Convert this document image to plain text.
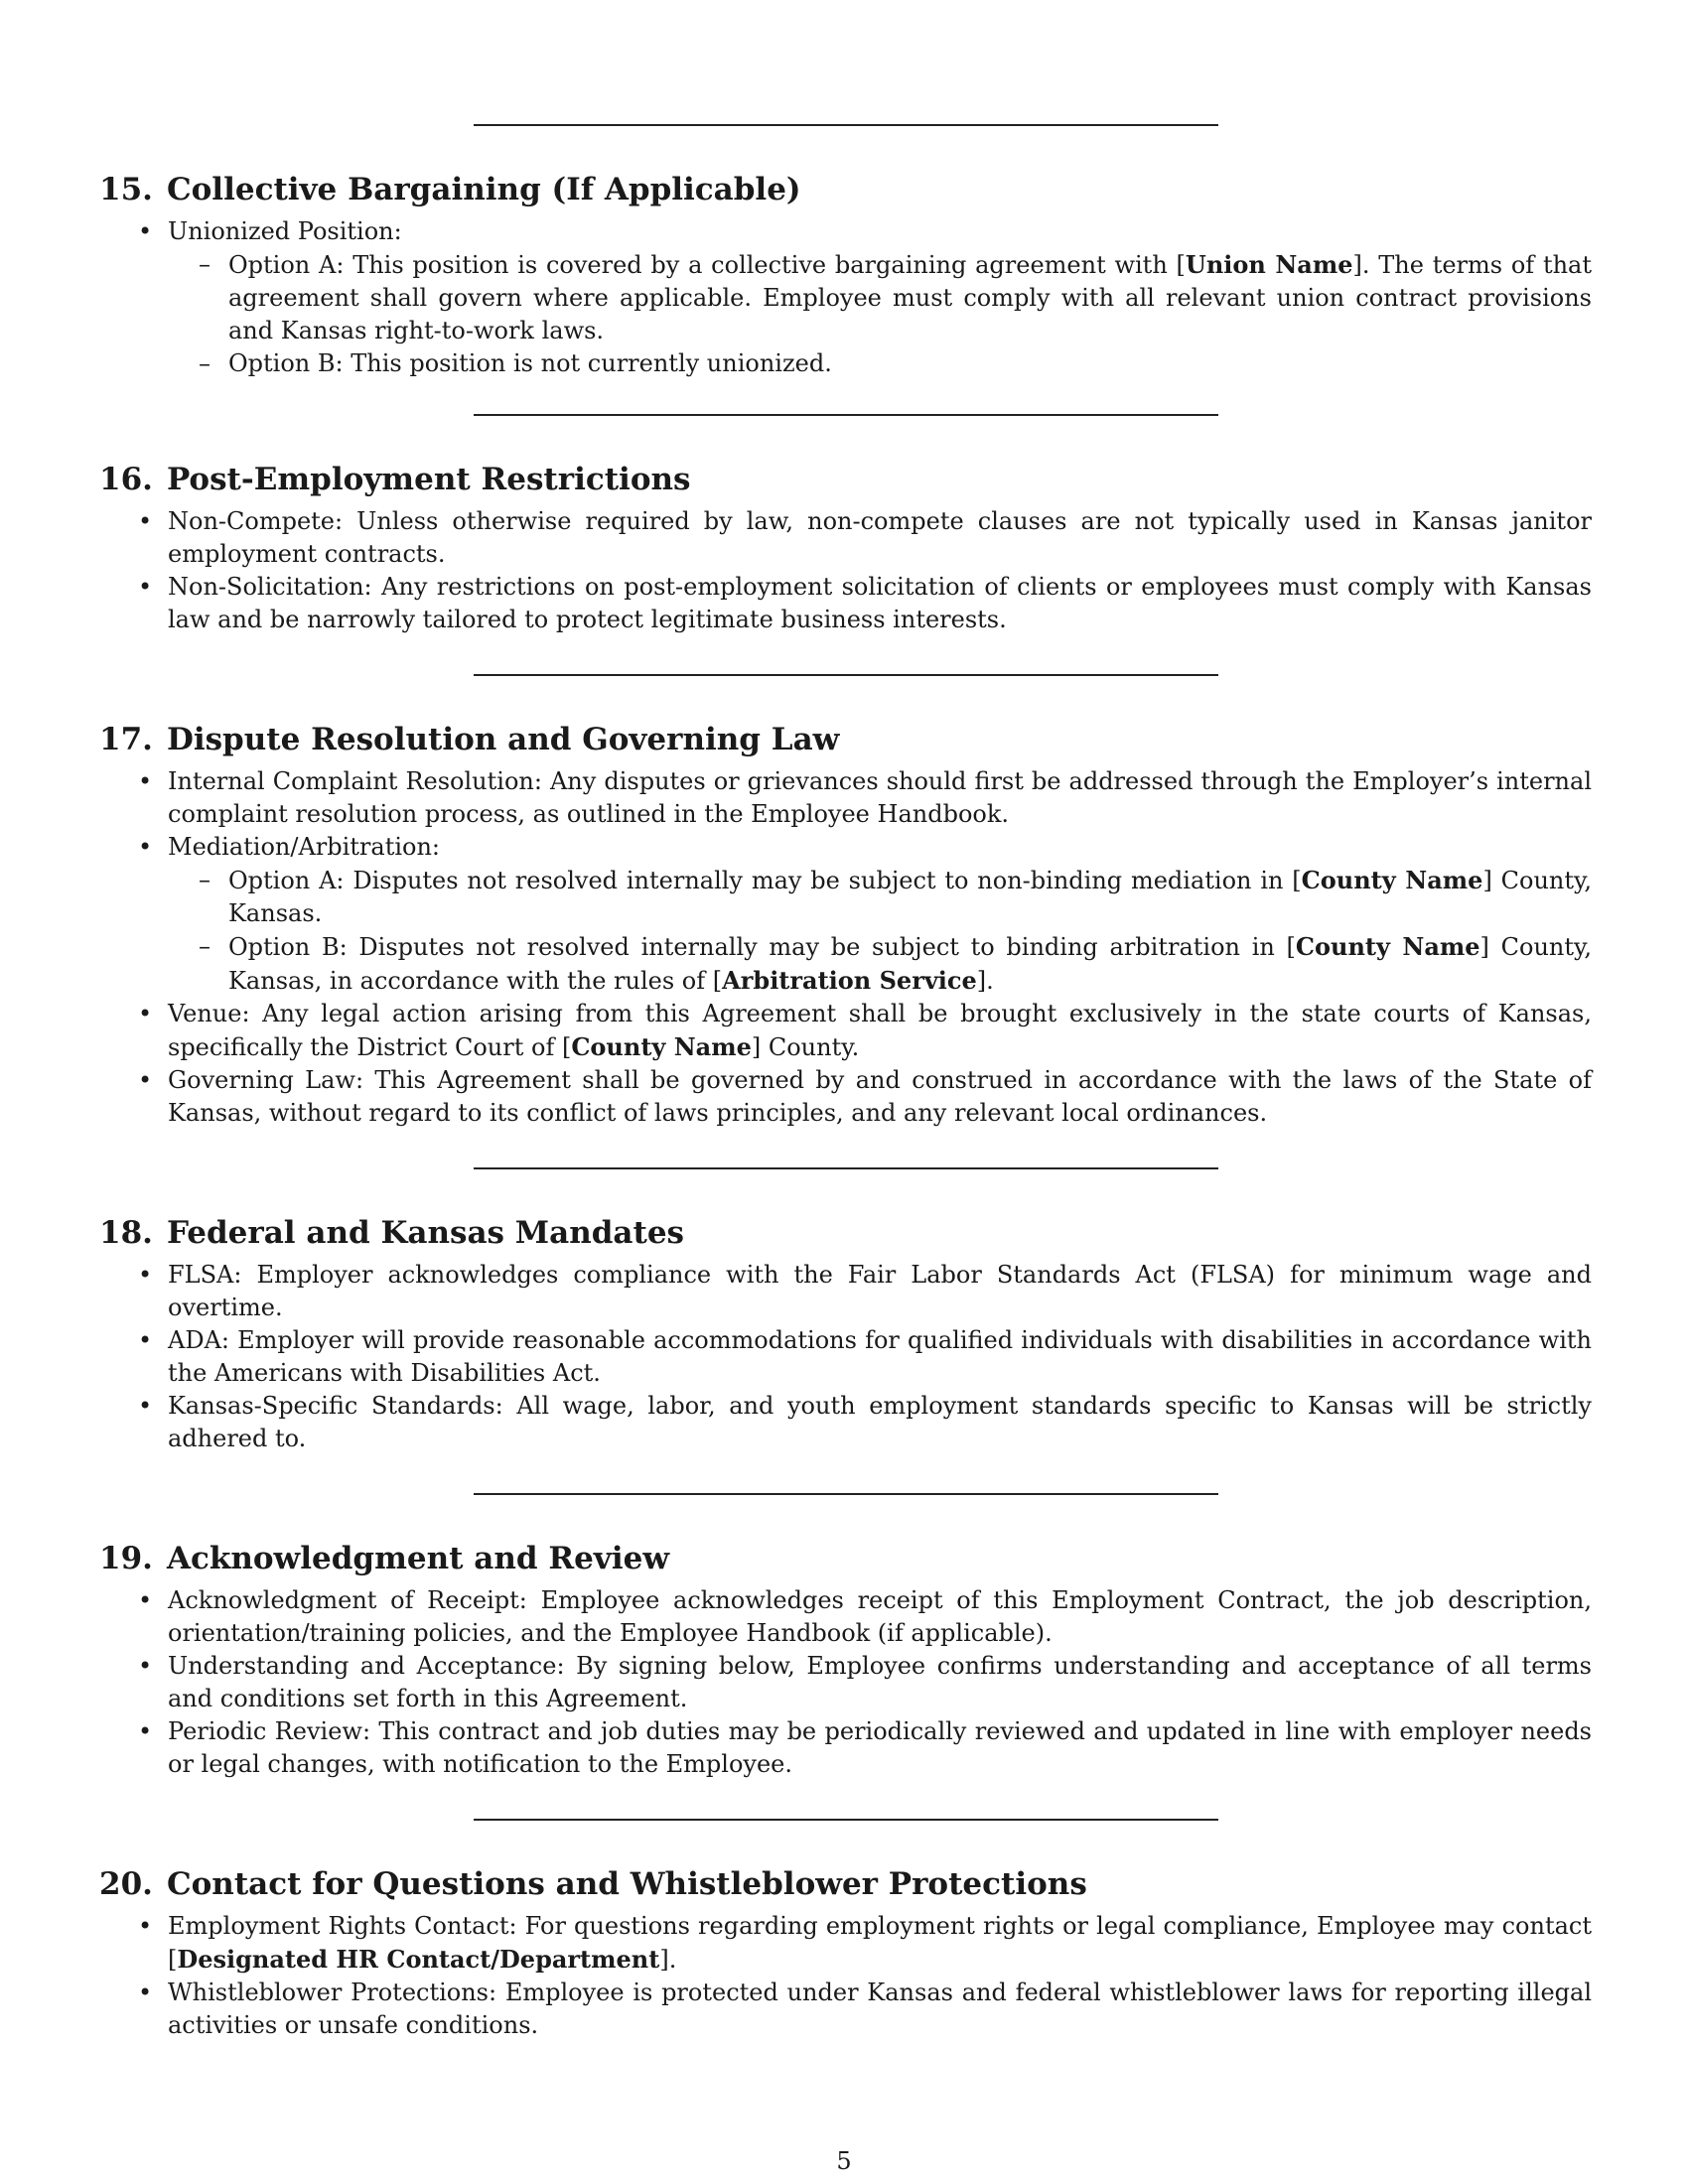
15. Collective Bargaining (If Applicable)
• Unionized Position:
– Option A: This position is covered by a collective bargaining agreement with [Union Name]. The terms of that agreement shall govern where applicable. Employee must comply with all relevant union contract provisions and Kansas right-to-work laws.
– Option B: This position is not currently unionized.
16. Post-Employment Restrictions
• Non-Compete: Unless otherwise required by law, non-compete clauses are not typically used in Kansas janitor employment contracts.
• Non-Solicitation: Any restrictions on post-employment solicitation of clients or employees must comply with Kansas law and be narrowly tailored to protect legitimate business interests.
17. Dispute Resolution and Governing Law
• Internal Complaint Resolution: Any disputes or grievances should first be addressed through the Employer’s internal complaint resolution process, as outlined in the Employee Handbook.
• Mediation/Arbitration:
– Option A: Disputes not resolved internally may be subject to non-binding mediation in [County Name] County, Kansas.
– Option B: Disputes not resolved internally may be subject to binding arbitration in [County Name] County, Kansas, in accordance with the rules of [Arbitration Service].
• Venue: Any legal action arising from this Agreement shall be brought exclusively in the state courts of Kansas, specifically the District Court of [County Name] County.
• Governing Law: This Agreement shall be governed by and construed in accordance with the laws of the State of Kansas, without regard to its conflict of laws principles, and any relevant local ordinances.
18. Federal and Kansas Mandates
• FLSA: Employer acknowledges compliance with the Fair Labor Standards Act (FLSA) for minimum wage and overtime.
• ADA: Employer will provide reasonable accommodations for qualified individuals with disabilities in accordance with the Americans with Disabilities Act.
• Kansas-Specific Standards: All wage, labor, and youth employment standards specific to Kansas will be strictly adhered to.
19. Acknowledgment and Review
• Acknowledgment of Receipt: Employee acknowledges receipt of this Employment Contract, the job description, orientation/training policies, and the Employee Handbook (if applicable).
• Understanding and Acceptance: By signing below, Employee confirms understanding and acceptance of all terms and conditions set forth in this Agreement.
• Periodic Review: This contract and job duties may be periodically reviewed and updated in line with employer needs or legal changes, with notification to the Employee.
20. Contact for Questions and Whistleblower Protections
• Employment Rights Contact: For questions regarding employment rights or legal compliance, Employee may contact [Designated HR Contact/Department].
• Whistleblower Protections: Employee is protected under Kansas and federal whistleblower laws for reporting illegal activities or unsafe conditions.
5
